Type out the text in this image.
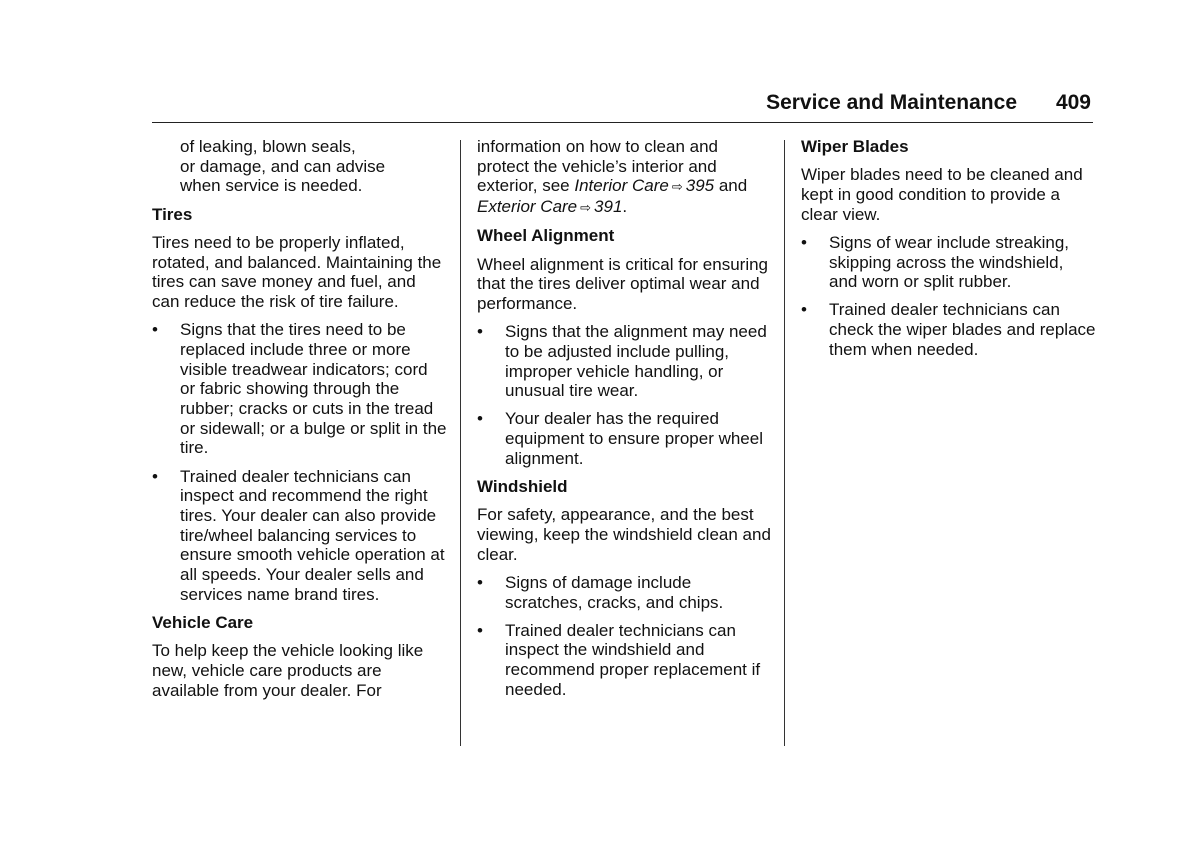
Service and Maintenance 409

of leaking, blown seals,
or damage, and can advise
when service is needed.

Tires

Tires need to be properly inflated, rotated, and balanced. Maintaining the tires can save money and fuel, and can reduce the risk of tire failure.

• Signs that the tires need to be replaced include three or more visible treadwear indicators; cord or fabric showing through the rubber; cracks or cuts in the tread or sidewall; or a bulge or split in the tire.
• Trained dealer technicians can inspect and recommend the right tires. Your dealer can also provide tire/wheel balancing services to ensure smooth vehicle operation at all speeds. Your dealer sells and services name brand tires.
Vehicle Care

To help keep the vehicle looking like new, vehicle care products are available from your dealer. For

information on how to clean and protect the vehicle’s interior and exterior, see Interior Care ⇨ 395 and Exterior Care ⇨ 391.

Wheel Alignment

Wheel alignment is critical for ensuring that the tires deliver optimal wear and performance.

• Signs that the alignment may need to be adjusted include pulling, improper vehicle handling, or unusual tire wear.
• Your dealer has the required equipment to ensure proper wheel alignment.
Windshield

For safety, appearance, and the best viewing, keep the windshield clean and clear.

• Signs of damage include scratches, cracks, and chips.
• Trained dealer technicians can inspect the windshield and recommend proper replacement if needed.
Wiper Blades

Wiper blades need to be cleaned and kept in good condition to provide a clear view.

• Signs of wear include streaking, skipping across the windshield, and worn or split rubber.
• Trained dealer technicians can check the wiper blades and replace them when needed.
